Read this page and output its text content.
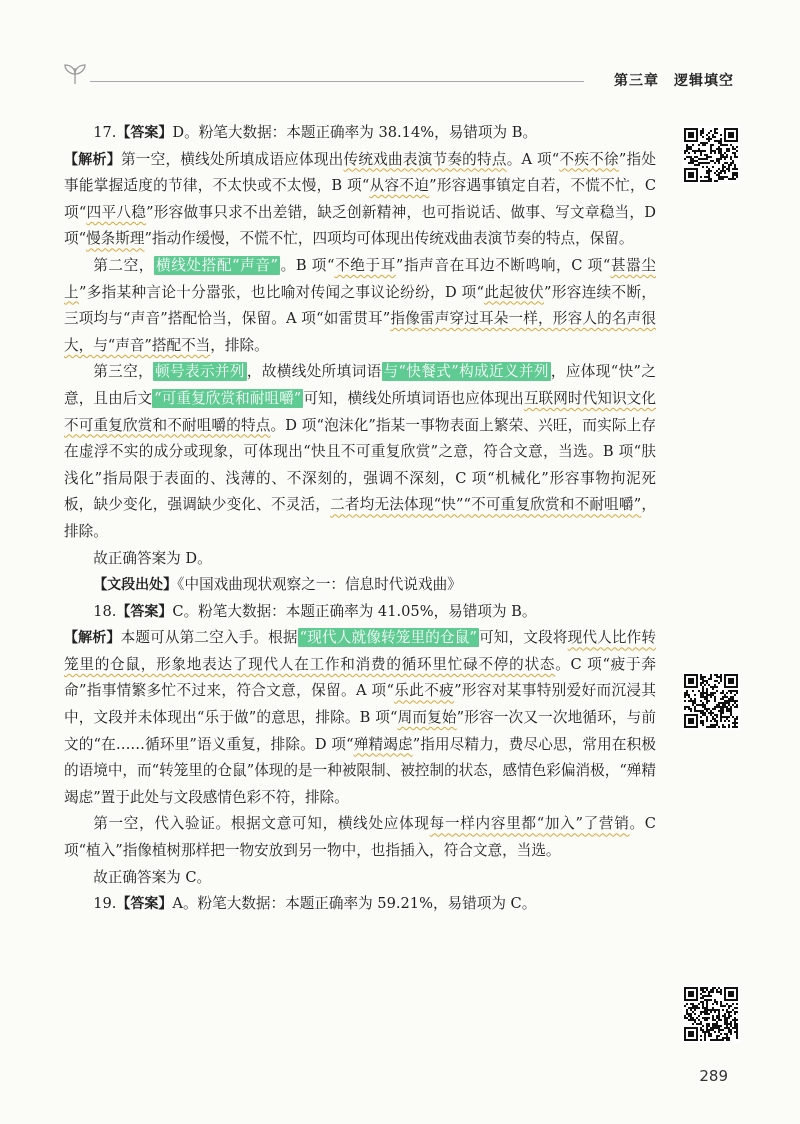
第三章　逻辑填空

17.【答案】D。粉笔大数据：本题正确率为 38.14%，易错项为 B。

【解析】第一空，横线处所填成语应体现出传统戏曲表演节奏的特点。A 项“不疾不徐”指处事能掌握适度的节律，不太快或不太慢，B 项“从容不迫”形容遇事镇定自若，不慌不忙，C 项“四平八稳”形容做事只求不出差错，缺乏创新精神，也可指说话、做事、写文章稳当，D 项“慢条斯理”指动作缓慢，不慌不忙，四项均可体现出传统戏曲表演节奏的特点，保留。

第二空， 横线处搭配“声音” 。B 项“不绝于耳”指声音在耳边不断鸣响，C 项“甚嚣尘上”多指某种言论十分嚣张，也比喻对传闻之事议论纷纷，D 项“此起彼伏”形容连续不断，三项均与“声音”搭配恰当，保留。A 项“如雷贯耳”指像雷声穿过耳朵一样，形容人的名声很大，与“声音”搭配不当，排除。

第三空， 顿号表示并列 ，故横线处所填词语 与“快餐式”构成近义并列 ，应体现“快”之意，且由后文 “可重复欣赏和耐咀嚼” 可知，横线处所填词语也应体现出互联网时代知识文化不可重复欣赏和不耐咀嚼的特点。D 项“泡沫化”指某一事物表面上繁荣、兴旺，而实际上存在虚浮不实的成分或现象，可体现出“快且不可重复欣赏”之意，符合文意，当选。B 项“肤浅化”指局限于表面的、浅薄的、不深刻的，强调不深刻，C 项“机械化”形容事物拘泥死板，缺少变化，强调缺少变化、不灵活，二者均无法体现“快”“不可重复欣赏和不耐咀嚼”，排除。

故正确答案为 D。

【文段出处】《中国戏曲现状观察之一：信息时代说戏曲》

18.【答案】C。粉笔大数据：本题正确率为 41.05%，易错项为 B。

【解析】本题可从第二空入手。根据 “现代人就像转笼里的仓鼠” 可知，文段将现代人比作转笼里的仓鼠，形象地表达了现代人在工作和消费的循环里忙碌不停的状态。C 项“疲于奔命”指事情繁多忙不过来，符合文意，保留。A 项“乐此不疲”形容对某事特别爱好而沉浸其中，文段并未体现出“乐于做”的意思，排除。B 项“周而复始”形容一次又一次地循环，与前文的“在……循环里”语义重复，排除。D 项“殚精竭虑”指用尽精力，费尽心思，常用在积极的语境中，而“转笼里的仓鼠”体现的是一种被限制、被控制的状态，感情色彩偏消极，“殚精竭虑”置于此处与文段感情色彩不符，排除。

第一空，代入验证。根据文意可知，横线处应体现每一样内容里都“加入”了营销。C 项“植入”指像植树那样把一物安放到另一物中，也指插入，符合文意，当选。

故正确答案为 C。

19.【答案】A。粉笔大数据：本题正确率为 59.21%，易错项为 C。

289
